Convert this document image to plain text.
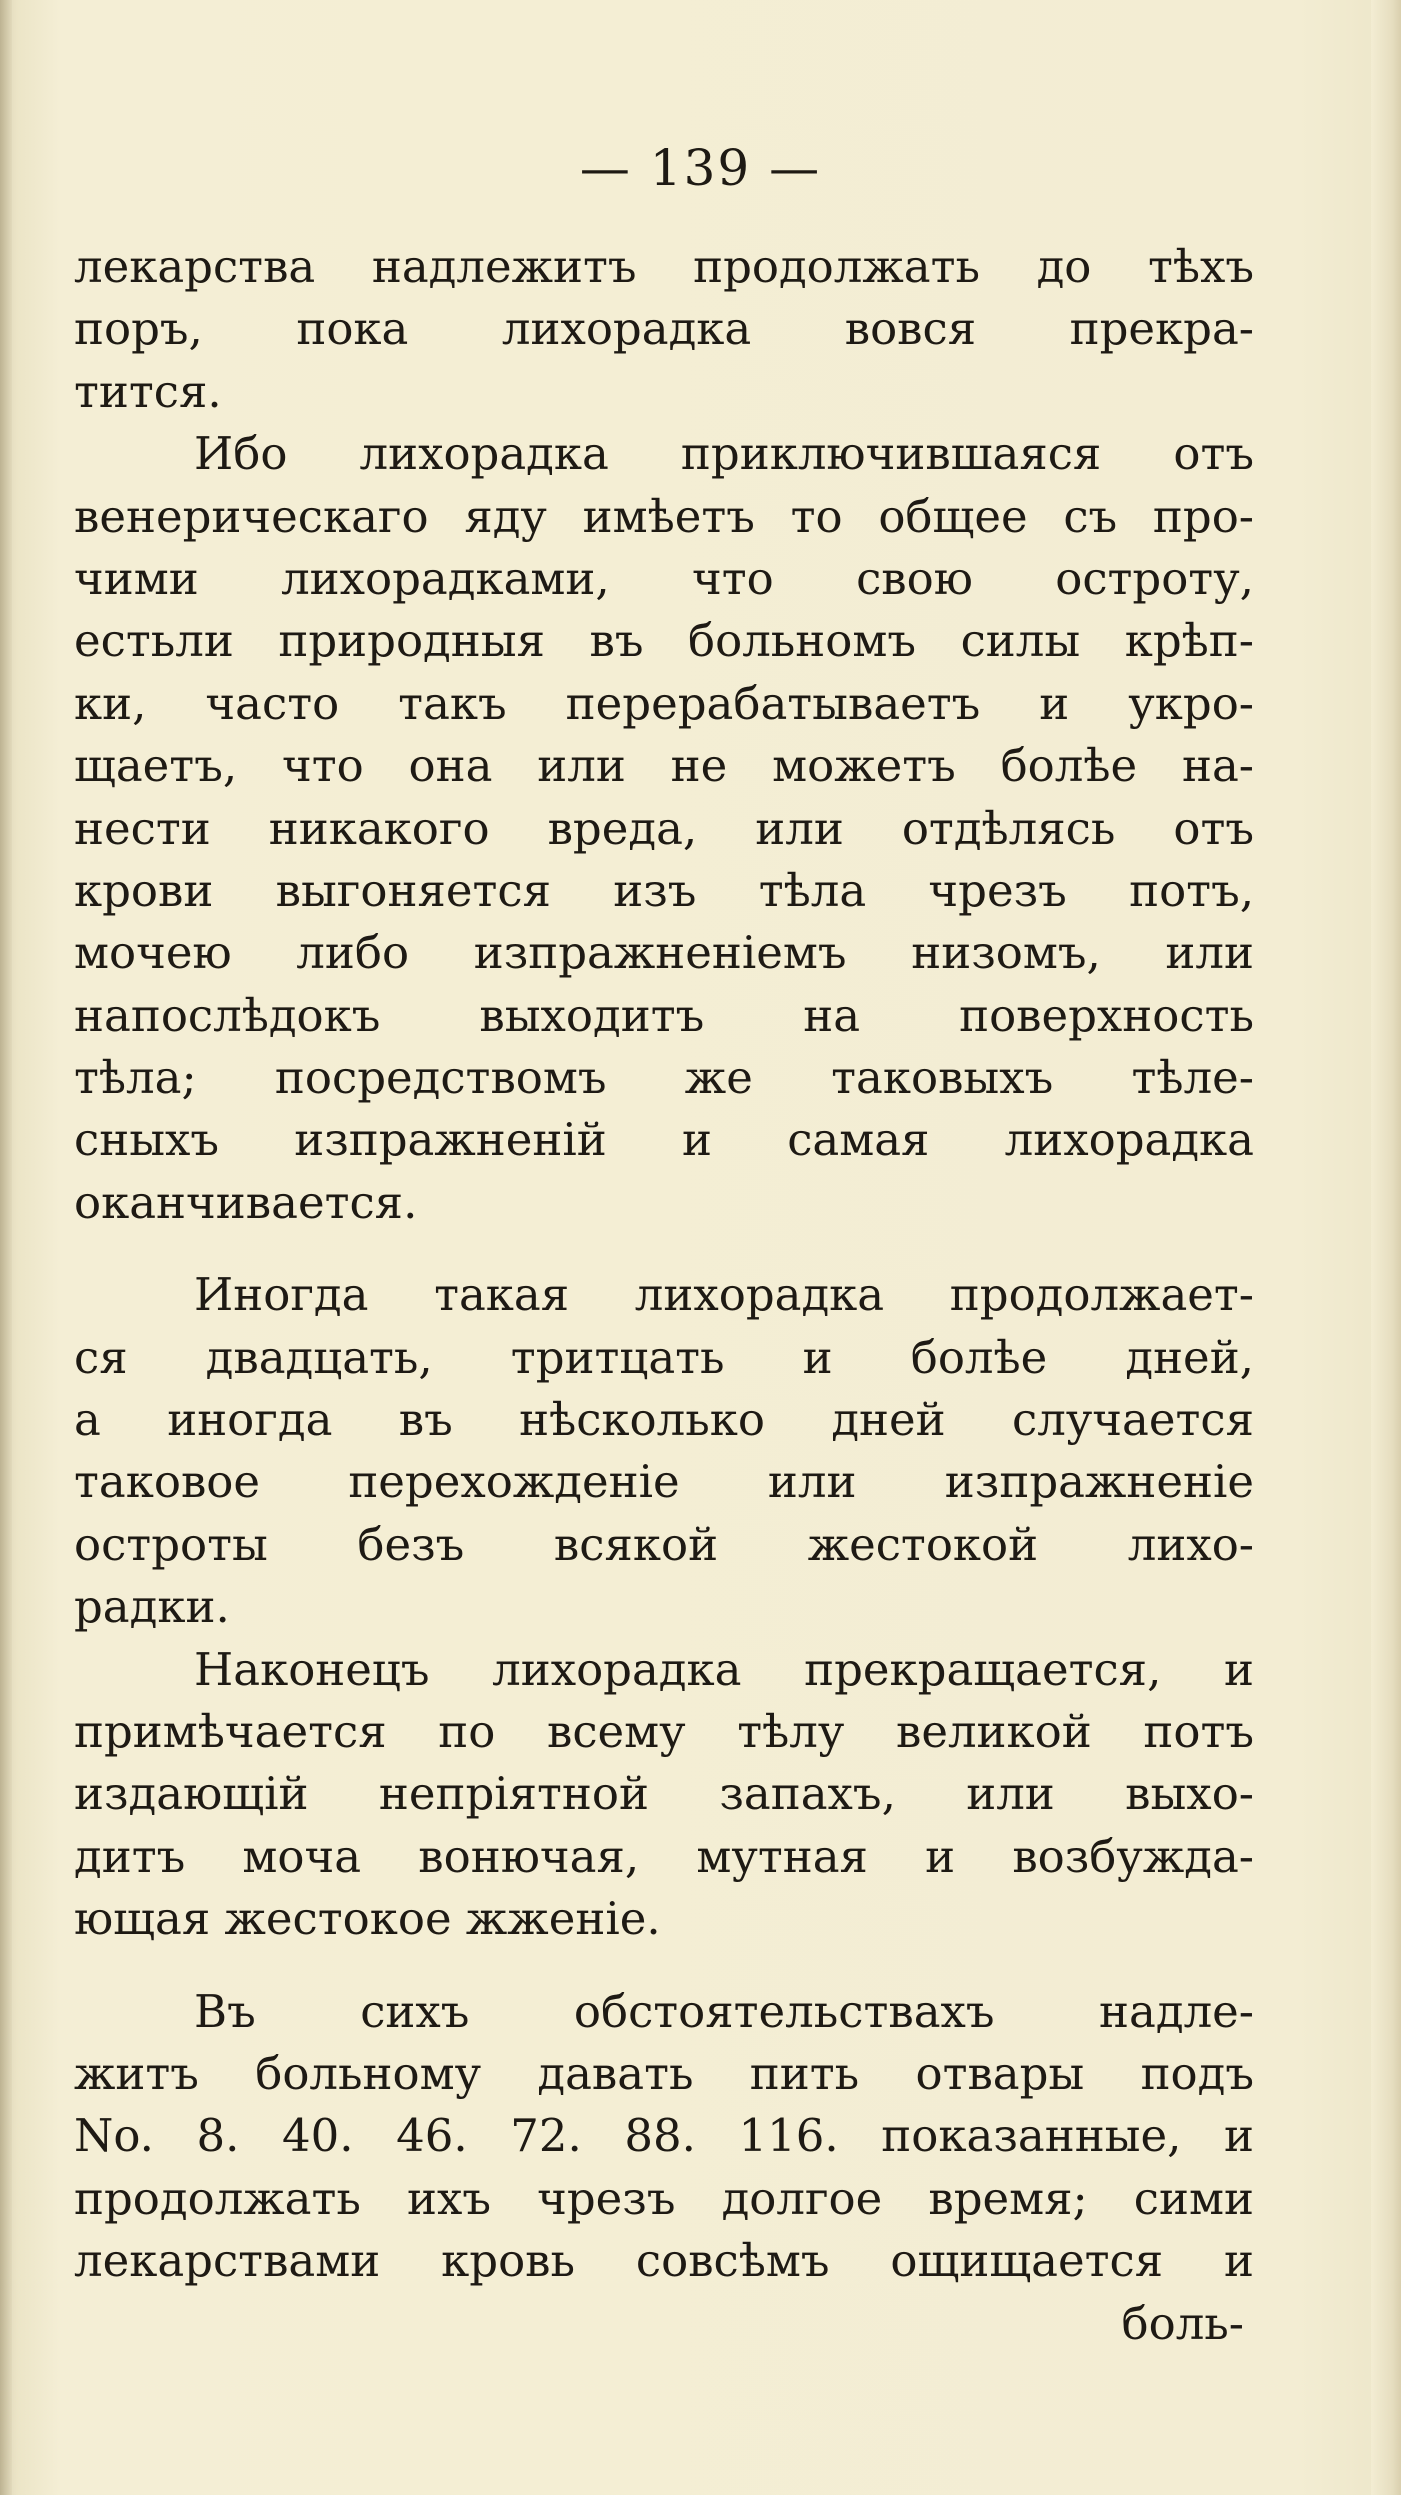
— 139 —
лекарства надлежитъ продолжать до тѣхъ
поръ, пока лихорадка вовся прекра-
тится.
Ибо лихорадка приключившаяся отъ
венерическаго яду имѣетъ то общее съ про-
чими лихорадками, что свою остроту,
естьли природныя въ больномъ силы крѣп-
ки, часто такъ перерабатываетъ и укро-
щаетъ, что она или не можетъ болѣе на-
нести никакого вреда, или отдѣлясь отъ
крови выгоняется изъ тѣла чрезъ потъ,
мочею либо изпражненіемъ низомъ, или
напослѣдокъ выходитъ на поверхность
тѣла; посредствомъ же таковыхъ тѣле-
сныхъ изпражненій и самая лихорадка
оканчивается.
Иногда такая лихорадка продолжает-
ся двадцать, тритцать и болѣе дней,
а иногда въ нѣсколько дней случается
таковое перехожденіе или изпражненіе
остроты безъ всякой жестокой лихо-
радки.
Наконецъ лихорадка прекращается, и
примѣчается по всему тѣлу великой потъ
издающій непріятной запахъ, или выхо-
дитъ моча вонючая, мутная и возбужда-
ющая жестокое жженіе.
Въ сихъ обстоятельствахъ надле-
житъ больному давать пить отвары подъ
No. 8. 40. 46. 72. 88. 116. показанные, и
продолжать ихъ чрезъ долгое время; сими
лекарствами кровь совсѣмъ ощищается и
боль-
